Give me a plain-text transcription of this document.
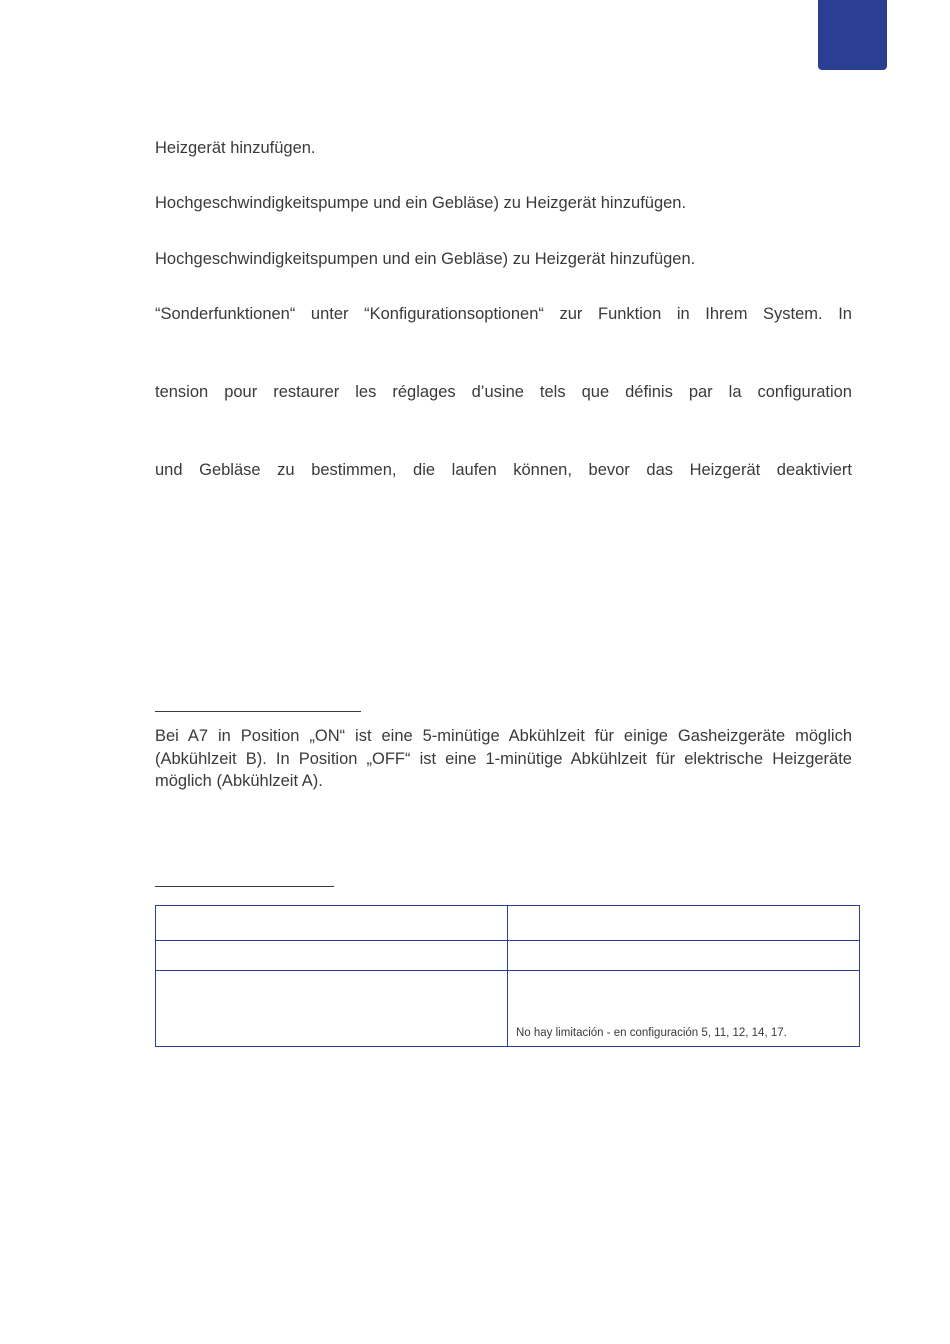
Heizgerät hinzufügen.
Hochgeschwindigkeitspumpe und ein Gebläse) zu Heizgerät hinzufügen.
Hochgeschwindigkeitspumpen und ein Gebläse) zu Heizgerät hinzufügen.
“Sonderfunktionen“ unter “Konfigurationsoptionen“ zur Funktion in Ihrem System. In
tension pour restaurer les réglages d’usine tels que définis par la configuration
und Gebläse zu bestimmen, die laufen können, bevor das Heizgerät deaktiviert
Bei A7 in Position „ON“ ist eine 5-minütige Abkühlzeit für einige Gasheizgeräte möglich (Abkühlzeit B). In Position „OFF“ ist eine 1-minütige Abkühlzeit für elektrische Heizgeräte möglich (Abkühlzeit A).

	No hay limitación - en configuración 5, 11, 12, 14, 17.
